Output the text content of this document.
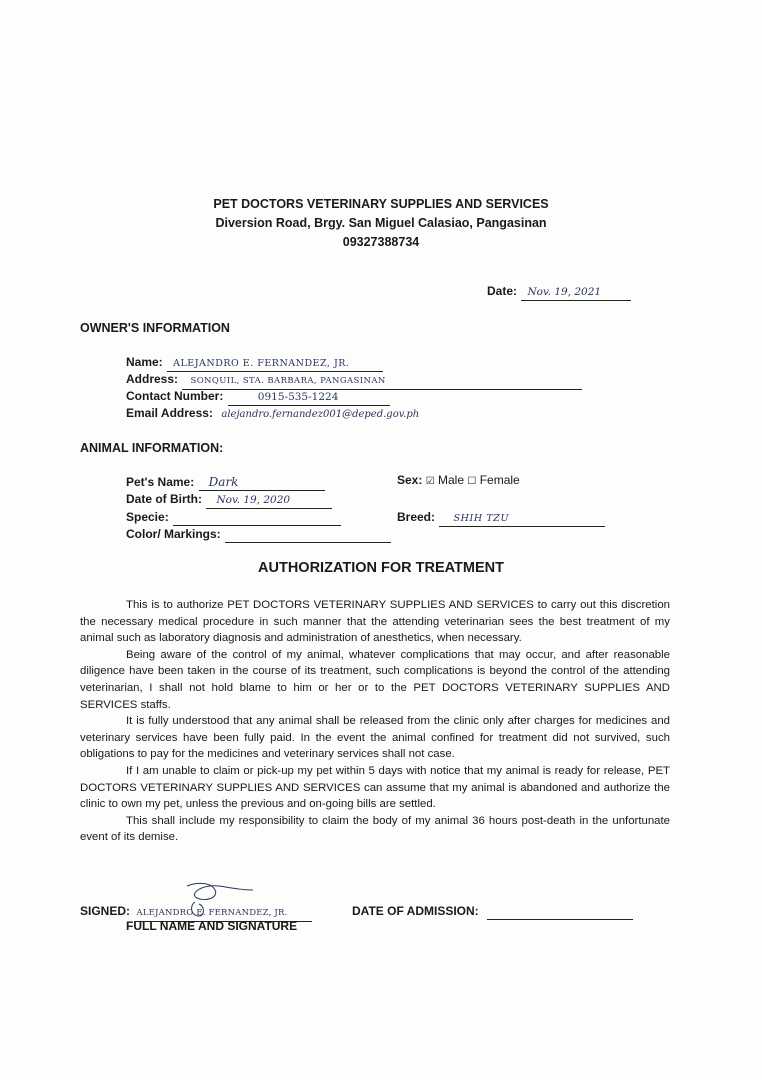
PET DOCTORS VETERINARY SUPPLIES AND SERVICES
Diversion Road, Brgy. San Miguel Calasiao, Pangasinan
09327388734
Date: Nov. 19, 2021
OWNER'S INFORMATION
Name: ALEJANDRO E. FERNANDEZ, JR.
Address: SONQUIL, STA. BARBARA, PANGASINAN
Contact Number:	0915-535-1224
Email Address: alejandro.fernandez001@deped.gov.ph
ANIMAL INFORMATION:
Pet's Name: Dark
Date of Birth: Nov. 19, 2020
Specie:
Color/ Markings:
Sex: ☑ Male ☐ Female
Breed: SHIH TZU
AUTHORIZATION FOR TREATMENT

This is to authorize PET DOCTORS VETERINARY SUPPLIES AND SERVICES to carry out this discretion the necessary medical procedure in such manner that the attending veterinarian sees the best treatment of my animal such as laboratory diagnosis and administration of anesthetics, when necessary.

Being aware of the control of my animal, whatever complications that may occur, and after reasonable diligence have been taken in the course of its treatment, such complications is beyond the control of the attending veterinarian, I shall not hold blame to him or her or to the PET DOCTORS VETERINARY SUPPLIES AND SERVICES staffs.

It is fully understood that any animal shall be released from the clinic only after charges for medicines and veterinary services have been fully paid. In the event the animal confined for treatment did not survived, such obligations to pay for the medicines and veterinary services shall not case.

If I am unable to claim or pick-up my pet within 5 days with notice that my animal is ready for release, PET DOCTORS VETERINARY SUPPLIES AND SERVICES can assume that my animal is abandoned and authorize the clinic to own my pet, unless the previous and on-going bills are settled.

This shall include my responsibility to claim the body of my animal 36 hours post-death in the unfortunate event of its demise.

SIGNED: ALEJANDRO E. FERNANDEZ, JR.
FULL NAME AND SIGNATURE
DATE OF ADMISSION:
